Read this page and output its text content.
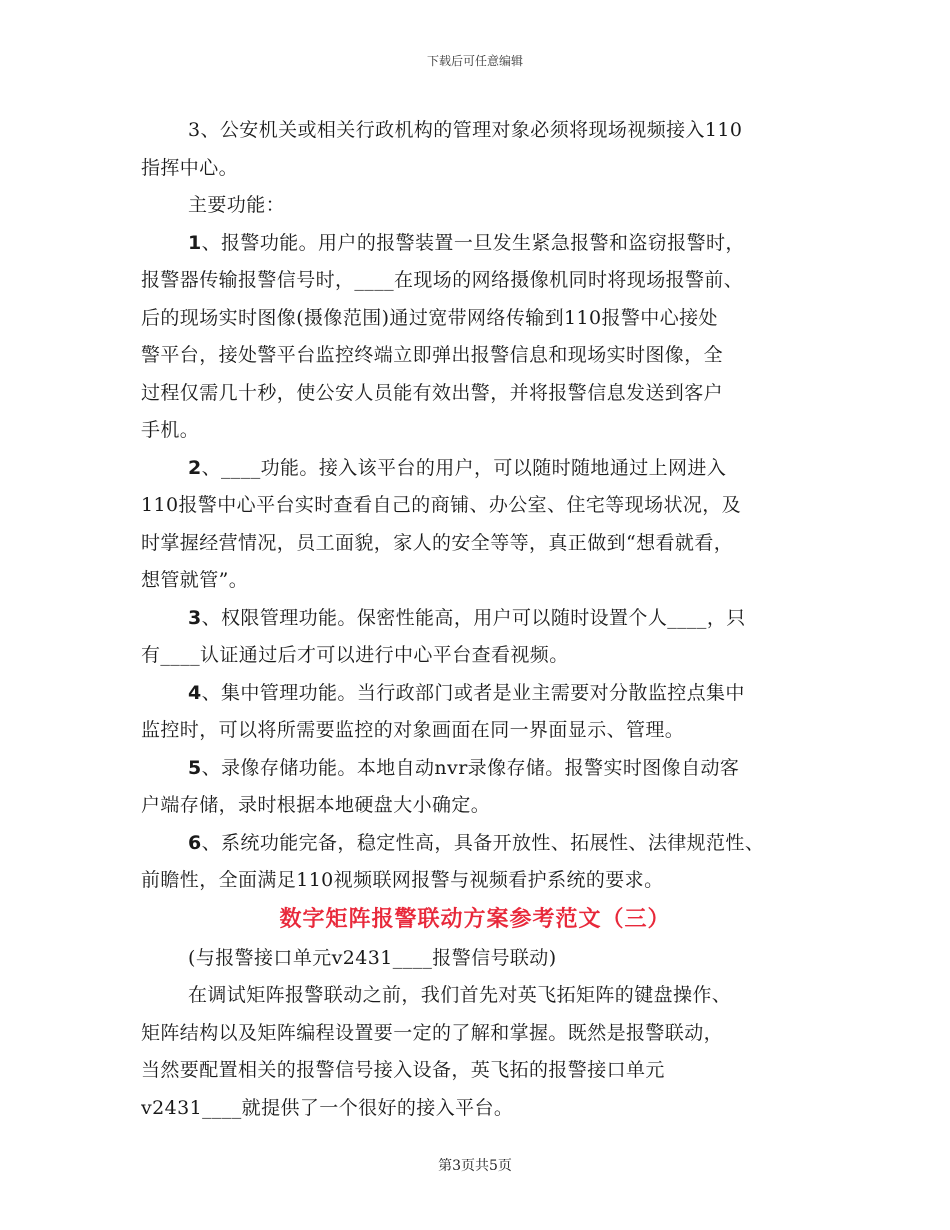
下载后可任意编辑
3、公安机关或相关行政机构的管理对象必须将现场视频接入110
指挥中心。
主要功能：
1、报警功能。用户的报警装置一旦发生紧急报警和盗窃报警时，
报警器传输报警信号时，____在现场的网络摄像机同时将现场报警前、
后的现场实时图像(摄像范围)通过宽带网络传输到110报警中心接处
警平台，接处警平台监控终端立即弹出报警信息和现场实时图像，全
过程仅需几十秒，使公安人员能有效出警，并将报警信息发送到客户
手机。
2、____功能。接入该平台的用户，可以随时随地通过上网进入
110报警中心平台实时查看自己的商铺、办公室、住宅等现场状况，及
时掌握经营情况，员工面貌，家人的安全等等，真正做到“想看就看，
想管就管”。
3、权限管理功能。保密性能高，用户可以随时设置个人____，只
有____认证通过后才可以进行中心平台查看视频。
4、集中管理功能。当行政部门或者是业主需要对分散监控点集中
监控时，可以将所需要监控的对象画面在同一界面显示、管理。
5、录像存储功能。本地自动nvr录像存储。报警实时图像自动客
户端存储，录时根据本地硬盘大小确定。
6、系统功能完备，稳定性高，具备开放性、拓展性、法律规范性、
前瞻性，全面满足110视频联网报警与视频看护系统的要求。
数字矩阵报警联动方案参考范文（三）
(与报警接口单元v2431____报警信号联动)
在调试矩阵报警联动之前，我们首先对英飞拓矩阵的键盘操作、
矩阵结构以及矩阵编程设置要一定的了解和掌握。既然是报警联动，
当然要配置相关的报警信号接入设备，英飞拓的报警接口单元
v2431____就提供了一个很好的接入平台。
第3页共5页
